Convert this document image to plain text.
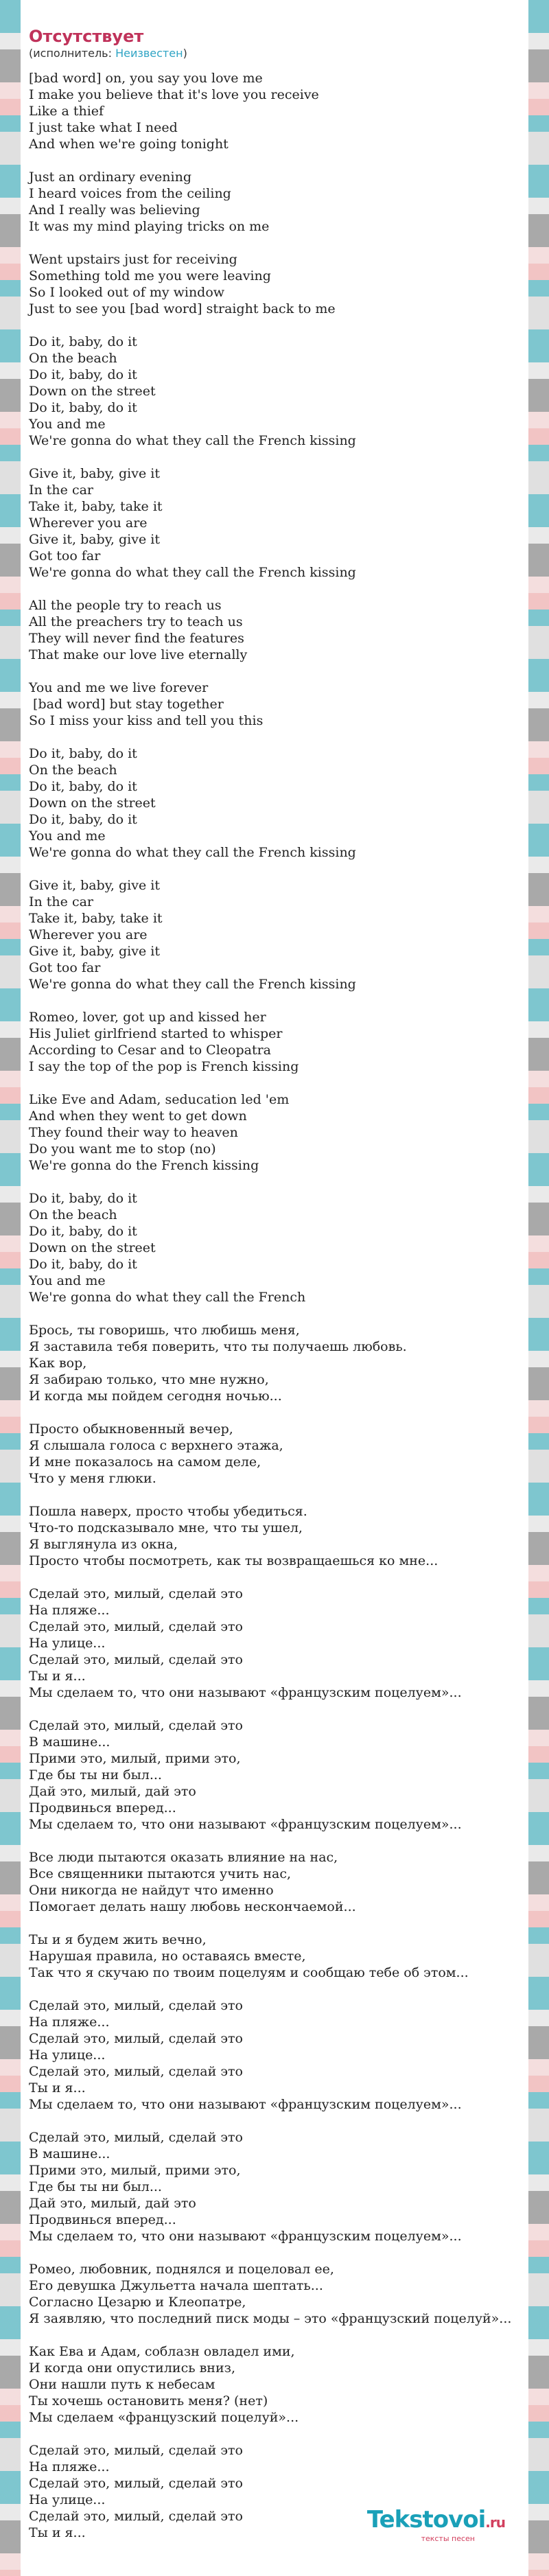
Отсутствует
(исполнитель: Неизвестен)
[bad word] on, you say you love me
I make you believe that it's love you receive
Like a thief
I just take what I need
And when we're going tonight

Just an ordinary evening
I heard voices from the ceiling
And I really was believing
It was my mind playing tricks on me

Went upstairs just for receiving
Something told me you were leaving
So I looked out of my window
Just to see you [bad word] straight back to me

Do it, baby, do it
On the beach
Do it, baby, do it
Down on the street
Do it, baby, do it
You and me
We're gonna do what they call the French kissing

Give it, baby, give it
In the car
Take it, baby, take it
Wherever you are
Give it, baby, give it
Got too far
We're gonna do what they call the French kissing

All the people try to reach us
All the preachers try to teach us
They will never find the features
That make our love live eternally

You and me we live forever
[bad word] but stay together
So I miss your kiss and tell you this

Do it, baby, do it
On the beach
Do it, baby, do it
Down on the street
Do it, baby, do it
You and me
We're gonna do what they call the French kissing

Give it, baby, give it
In the car
Take it, baby, take it
Wherever you are
Give it, baby, give it
Got too far
We're gonna do what they call the French kissing

Romeo, lover, got up and kissed her
His Juliet girlfriend started to whisper
According to Cesar and to Cleopatra
I say the top of the pop is French kissing

Like Eve and Adam, seducation led 'em
And when they went to get down
They found their way to heaven
Do you want me to stop (no)
We're gonna do the French kissing

Do it, baby, do it
On the beach
Do it, baby, do it
Down on the street
Do it, baby, do it
You and me
We're gonna do what they call the French

Брось, ты говоришь, что любишь меня,
Я заставила тебя поверить, что ты получаешь любовь.
Как вор,
Я забираю только, что мне нужно,
И когда мы пойдем сегодня ночью...

Просто обыкновенный вечер,
Я слышала голоса с верхнего этажа,
И мне показалось на самом деле,
Что у меня глюки.

Пошла наверх, просто чтобы убедиться.
Что-то подсказывало мне, что ты ушел,
Я выглянула из окна,
Просто чтобы посмотреть, как ты возвращаешься ко мне...

Сделай это, милый, сделай это
На пляже...
Сделай это, милый, сделай это
На улице...
Сделай это, милый, сделай это
Ты и я...
Мы сделаем то, что они называют «французским поцелуем»...

Сделай это, милый, сделай это
В машине...
Прими это, милый, прими это,
Где бы ты ни был...
Дай это, милый, дай это
Продвинься вперед...
Мы сделаем то, что они называют «французским поцелуем»...

Все люди пытаются оказать влияние на нас,
Все священники пытаются учить нас,
Они никогда не найдут что именно
Помогает делать нашу любовь нескончаемой...

Ты и я будем жить вечно,
Нарушая правила, но оставаясь вместе,
Так что я скучаю по твоим поцелуям и сообщаю тебе об этом...

Сделай это, милый, сделай это
На пляже...
Сделай это, милый, сделай это
На улице...
Сделай это, милый, сделай это
Ты и я...
Мы сделаем то, что они называют «французским поцелуем»...

Сделай это, милый, сделай это
В машине...
Прими это, милый, прими это,
Где бы ты ни был...
Дай это, милый, дай это
Продвинься вперед...
Мы сделаем то, что они называют «французским поцелуем»...

Ромео, любовник, поднялся и поцеловал ее,
Его девушка Джульетта начала шептать...
Согласно Цезарю и Клеопатре,
Я заявляю, что последний писк моды – это «французский поцелуй»...

Как Ева и Адам, соблазн овладел ими,
И когда они опустились вниз,
Они нашли путь к небесам
Ты хочешь остановить меня? (нет)
Мы сделаем «французский поцелуй»...

Сделай это, милый, сделай это
На пляже...
Сделай это, милый, сделай это
На улице...
Сделай это, милый, сделай это
Ты и я...	Tekstovoi.ru
тексты песен
